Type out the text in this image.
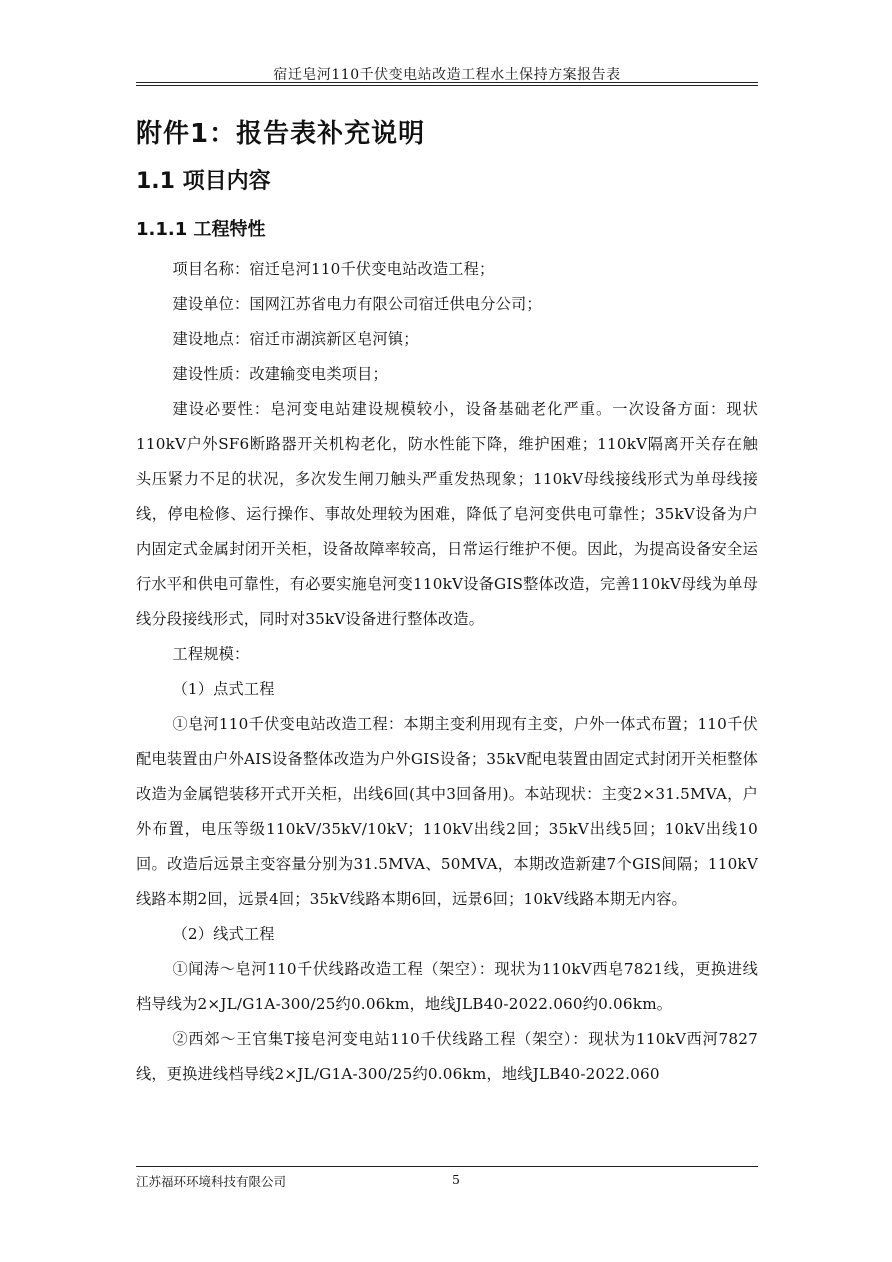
宿迁皂河110千伏变电站改造工程水土保持方案报告表
附件1：报告表补充说明
1.1 项目内容
1.1.1 工程特性

项目名称：宿迁皂河110千伏变电站改造工程；

建设单位：国网江苏省电力有限公司宿迁供电分公司；

建设地点：宿迁市湖滨新区皂河镇；

建设性质：改建输变电类项目；

建设必要性：皂河变电站建设规模较小，设备基础老化严重。一次设备方面：现状110kV户外SF6断路器开关机构老化，防水性能下降，维护困难；110kV隔离开关存在触头压紧力不足的状况，多次发生闸刀触头严重发热现象；110kV母线接线形式为单母线接线，停电检修、运行操作、事故处理较为困难，降低了皂河变供电可靠性；35kV设备为户内固定式金属封闭开关柜，设备故障率较高，日常运行维护不便。因此，为提高设备安全运行水平和供电可靠性，有必要实施皂河变110kV设备GIS整体改造，完善110kV母线为单母线分段接线形式，同时对35kV设备进行整体改造。

工程规模：

（1）点式工程

①皂河110千伏变电站改造工程：本期主变利用现有主变，户外一体式布置；110千伏配电装置由户外AIS设备整体改造为户外GIS设备；35kV配电装置由固定式封闭开关柜整体改造为金属铠装移开式开关柜，出线6回(其中3回备用)。本站现状：主变2×31.5MVA，户外布置，电压等级110kV/35kV/10kV；110kV出线2回；35kV出线5回；10kV出线10回。改造后远景主变容量分别为31.5MVA、50MVA，本期改造新建7个GIS间隔；110kV线路本期2回，远景4回；35kV线路本期6回，远景6回；10kV线路本期无内容。

（2）线式工程

①闻涛～皂河110千伏线路改造工程（架空）：现状为110kV西皂7821线，更换进线档导线为2×JL/G1A-300/25约0.06km，地线JLB40-2022.060约0.06km。

②西郊～王官集T接皂河变电站110千伏线路工程（架空）：现状为110kV西河7827线，更换进线档导线2×JL/G1A-300/25约0.06km，地线JLB40-2022.060

江苏福环环境科技有限公司	5
